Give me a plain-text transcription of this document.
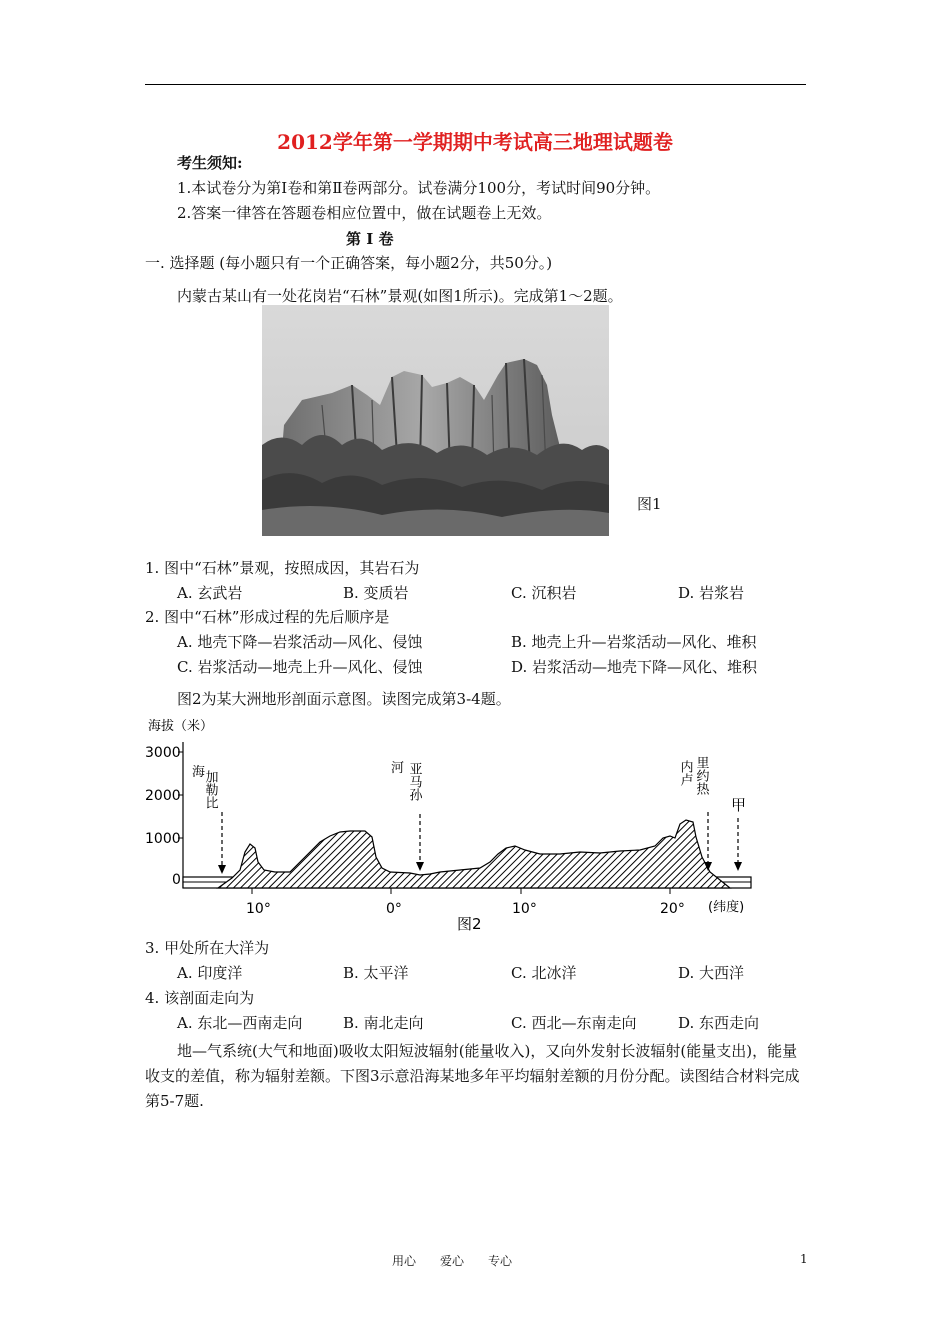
2012学年第一学期期中考试高三地理试题卷
考生须知:
1.本试卷分为第Ⅰ卷和第Ⅱ卷两部分。试卷满分100分，考试时间90分钟。
2.答案一律答在答题卷相应位置中，做在试题卷上无效。
第 Ⅰ 卷
一. 选择题 (每小题只有一个正确答案，每小题2分，共50分。)
内蒙古某山有一处花岗岩“石林”景观(如图1所示)。完成第1～2题。
图1
1. 图中“石林”景观，按照成因，其岩石为
A. 玄武岩	B. 变质岩	C. 沉积岩	D. 岩浆岩
2. 图中“石林”形成过程的先后顺序是
A. 地壳下降—岩浆活动—风化、侵蚀	B. 地壳上升—岩浆活动—风化、堆积
C. 岩浆活动—地壳上升—风化、侵蚀	D. 岩浆活动—地壳下降—风化、堆积
图2为某大洲地形剖面示意图。读图完成第3-4题。
海拔（米）
3000
2000
1000
0
10°	0°	10°	20° (纬度)
图2
海
加勒比
河 亚马孙	内卢 里约热
甲
3. 甲处所在大洋为
A. 印度洋	B. 太平洋	C. 北冰洋	D. 大西洋
4. 该剖面走向为
A. 东北—西南走向	B. 南北走向	C. 西北—东南走向	D. 东西走向
地—气系统(大气和地面)吸收太阳短波辐射(能量收入)，又向外发射长波辐射(能量支出)，能量收支的差值，称为辐射差额。下图3示意沿海某地多年平均辐射差额的月份分配。读图结合材料完成第5-7题.
用心　　爱心　　专心	1
